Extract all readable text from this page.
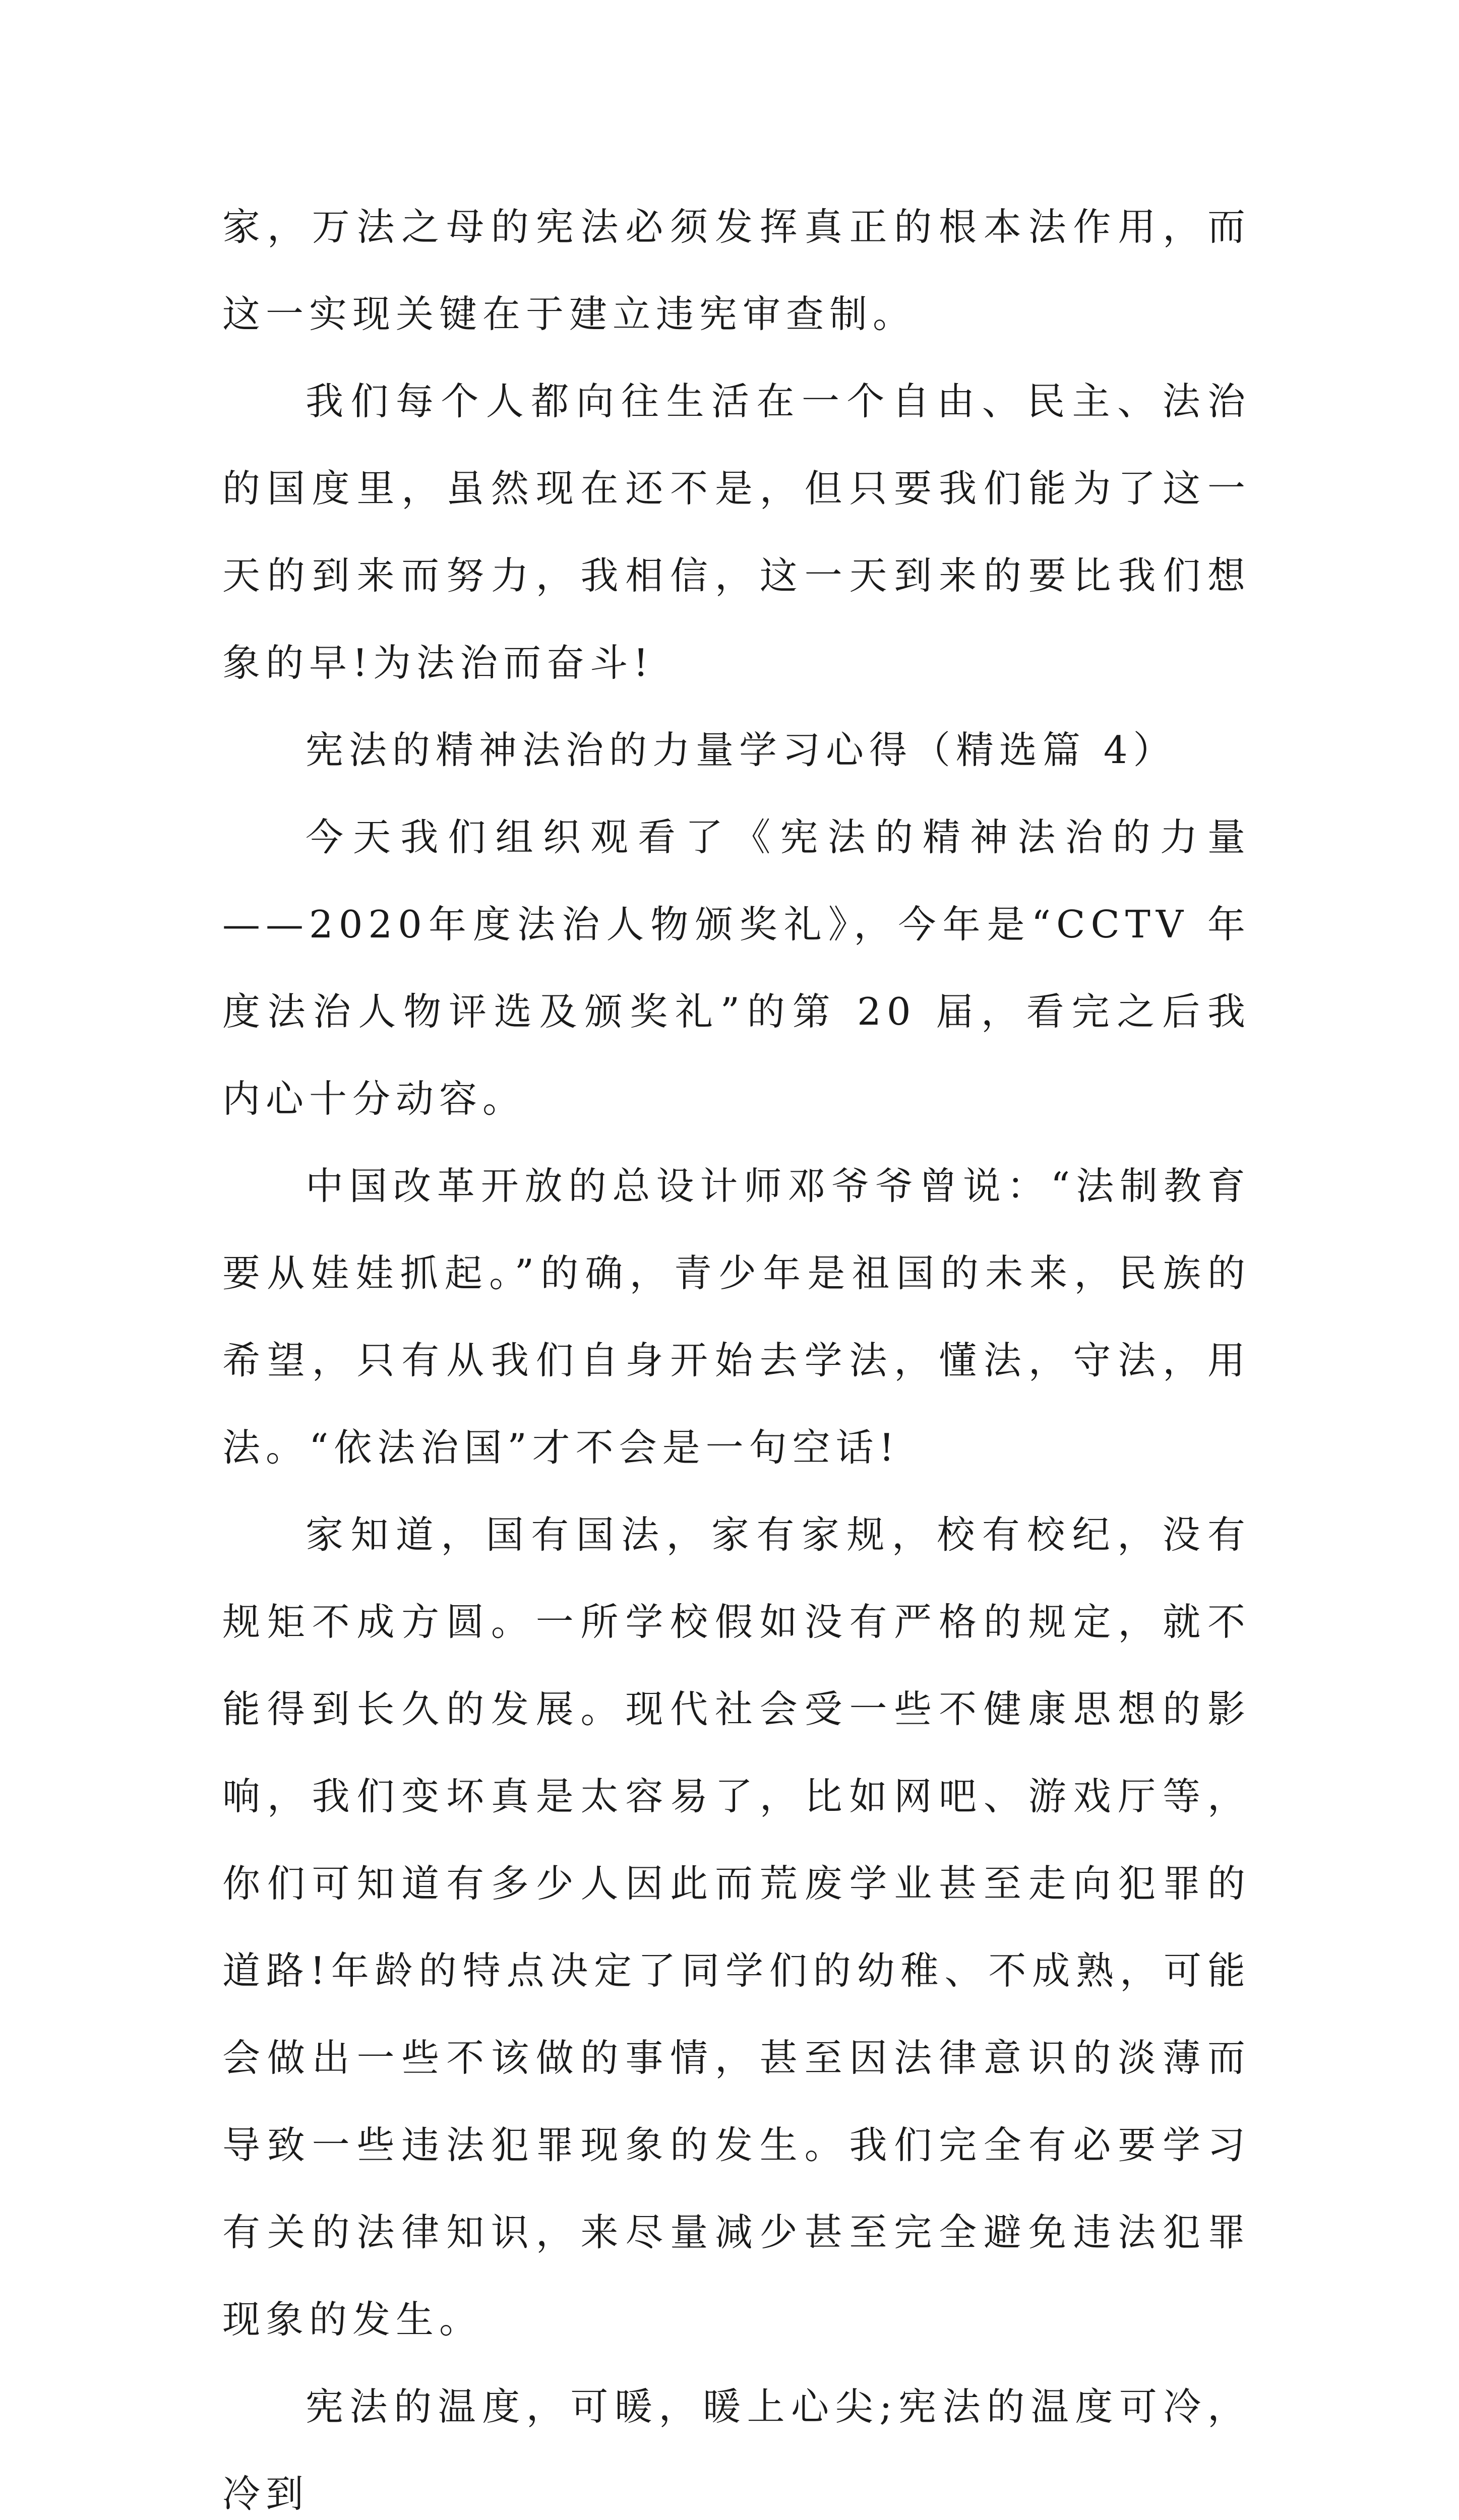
家，万法之母的宪法必须发挥真正的根本法作用，而这一实现关键在于建立违宪审查制。

我们每个人都向往生活在一个自由、民主、法治的国度里，虽然现在还不是，但只要我们能为了这一天的到来而努力，我相信，这一天到来的要比我们想象的早!为法治而奋斗!

宪法的精神法治的力量学习心得（精选篇 4）

今天我们组织观看了《宪法的精神法治的力量——2020年度法治人物颁奖礼》，今年是“CCTV 年度法治人物评选及颁奖礼”的第 20 届，看完之后我内心十分动容。

中国改革开放的总设计师邓爷爷曾说：“法制教育要从娃娃抓起。”的确，青少年是祖国的未来，民族的希望，只有从我们自身开始去学法，懂法，守法，用法。“依法治国”才不会是一句空话!

家知道，国有国法，家有家规，校有校纪，没有规矩不成方圆。一所学校假如没有严格的规定，就不能得到长久的发展。现代社会受一些不健康思想的影响，我们变坏真是太容易了，比如网吧、游戏厅等，你们可知道有多少人因此而荒废学业甚至走向犯罪的道路!年龄的特点决定了同学们的幼稚、不成熟，可能会做出一些不该做的事情，甚至因法律意识的淡薄而导致一些违法犯罪现象的发生。我们完全有必要学习有关的法律知识，来尽量减少甚至完全避免违法犯罪现象的发生。

宪法的温度，可暖，暖上心尖;宪法的温度可冷，冷到
